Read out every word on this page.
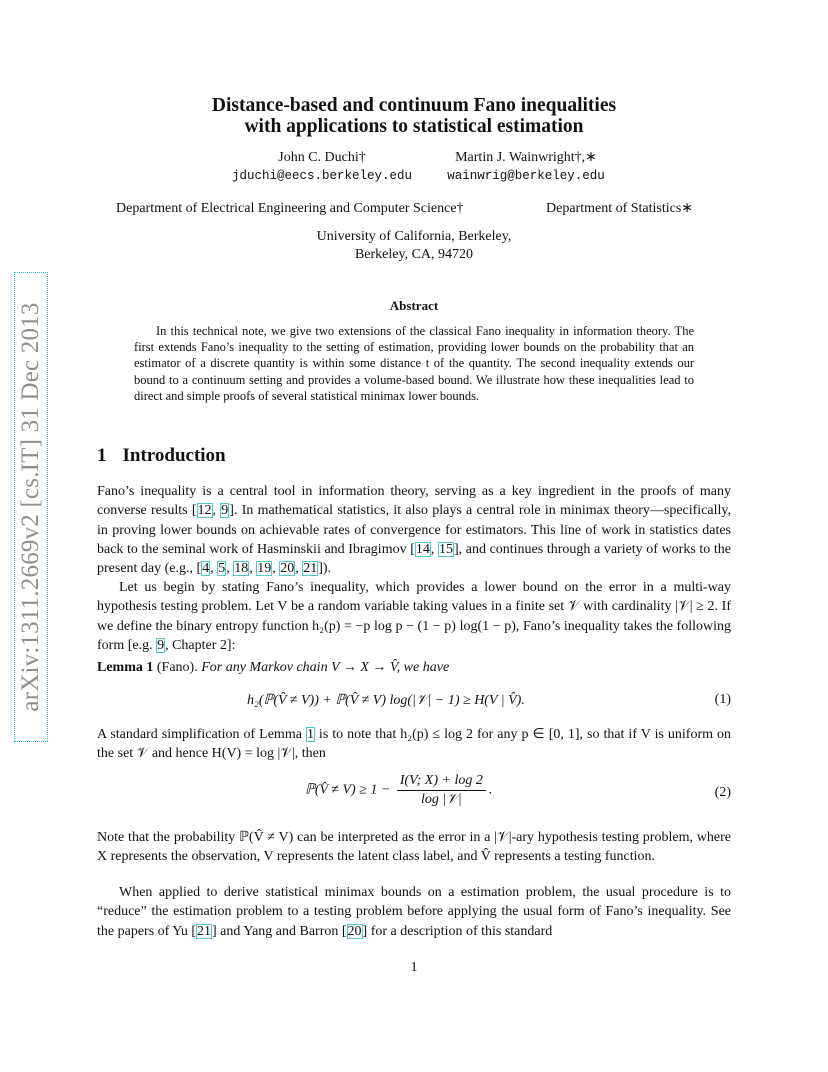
arXiv:1311.2669v2 [cs.IT] 31 Dec 2013
Distance-based and continuum Fano inequalities
with applications to statistical estimation
John C. Duchi†
jduchi@eecs.berkeley.edu
Martin J. Wainwright†,∗
wainwrig@berkeley.edu
Department of Electrical Engineering and Computer Science†	Department of Statistics∗
University of California, Berkeley,
Berkeley, CA, 94720
Abstract
In this technical note, we give two extensions of the classical Fano inequality in information theory. The first extends Fano’s inequality to the setting of estimation, providing lower bounds on the probability that an estimator of a discrete quantity is within some distance t of the quantity. The second inequality extends our bound to a continuum setting and provides a volume-based bound. We illustrate how these inequalities lead to direct and simple proofs of several statistical minimax lower bounds.
1 Introduction
Fano’s inequality is a central tool in information theory, serving as a key ingredient in the proofs of many converse results [12, 9]. In mathematical statistics, it also plays a central role in minimax theory—specifically, in proving lower bounds on achievable rates of convergence for estimators. This line of work in statistics dates back to the seminal work of Hasminskii and Ibragimov [14, 15], and continues through a variety of works to the present day (e.g., [4, 5, 18, 19, 20, 21]).
Let us begin by stating Fano’s inequality, which provides a lower bound on the error in a multi-way hypothesis testing problem. Let V be a random variable taking values in a finite set 𝒱 with cardinality |𝒱| ≥ 2. If we define the binary entropy function h₂(p) = −p log p − (1 − p) log(1 − p), Fano’s inequality takes the following form [e.g. 9, Chapter 2]:
Lemma 1 (Fano). For any Markov chain V → X → V̂, we have
h₂(ℙ(V̂ ≠ V)) + ℙ(V̂ ≠ V) log(|𝒱| − 1) ≥ H(V | V̂).	(1)
A standard simplification of Lemma 1 is to note that h₂(p) ≤ log 2 for any p ∈ [0, 1], so that if V is uniform on the set 𝒱 and hence H(V) = log |𝒱|, then
ℙ(V̂ ≠ $V) \ge 1 - \frac{I(V; X) + \log 2}{\text{log |𝒱|}}$ .	(2)
Note that the probability ℙ(V̂ ≠ V) can be interpreted as the error in a |𝒱|-ary hypothesis testing problem, where X represents the observation, V represents the latent class label, and V̂ represents a testing function.
When applied to derive statistical minimax bounds on a estimation problem, the usual procedure is to “reduce” the estimation problem to a testing problem before applying the usual form of Fano’s inequality. See the papers of Yu [21] and Yang and Barron [20] for a description of this standard
1
